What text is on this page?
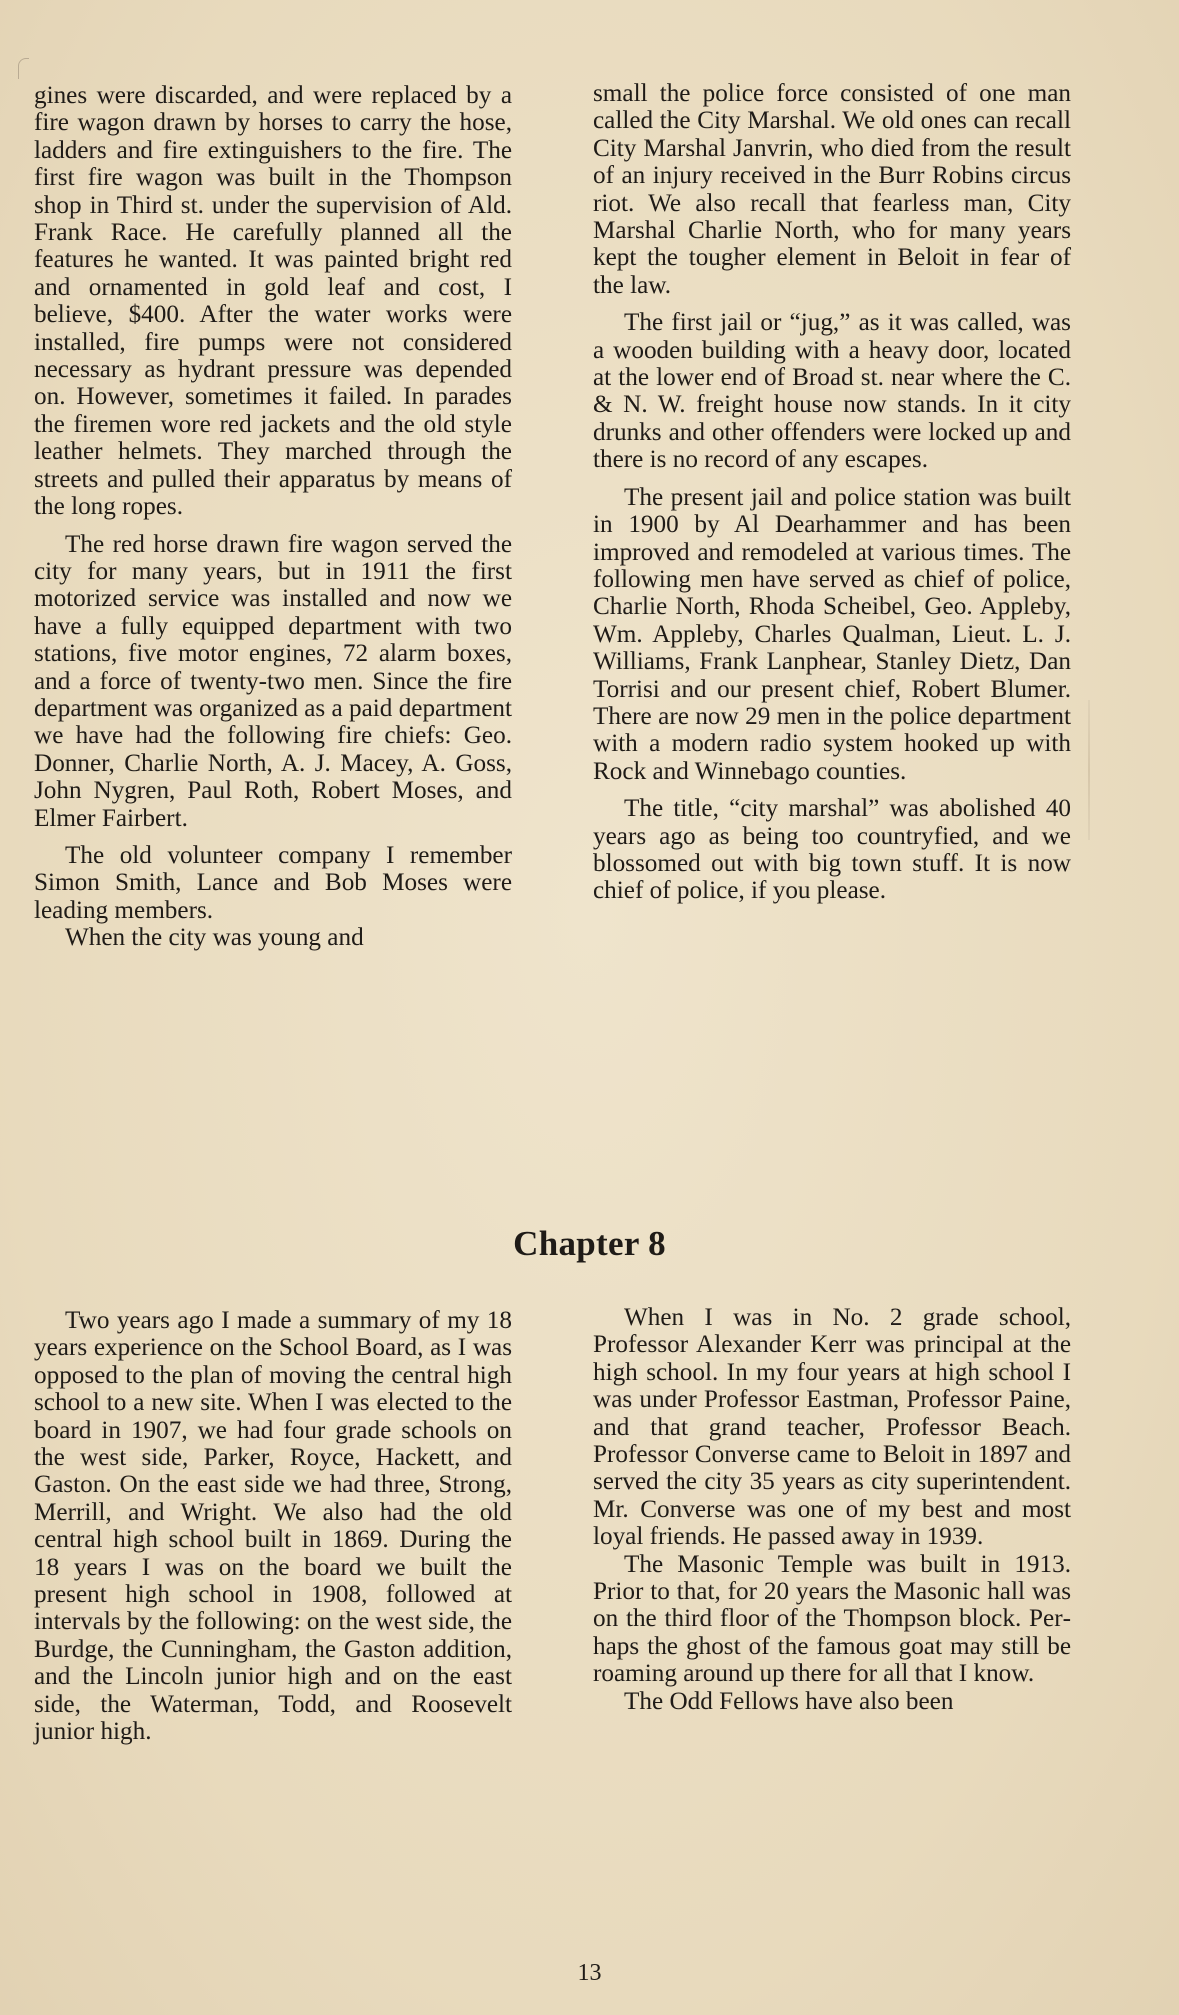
gines were discarded, and were replaced by a fire wagon drawn by horses to carry the hose, ladders and fire extinguishers to the fire. The first fire wagon was built in the Thompson shop in Third st. under the supervision of Ald. Frank Race. He carefully planned all the features he wanted. It was painted bright red and ornamented in gold leaf and cost, I believe, $400. After the water works were installed, fire pumps were not considered necessary as hydrant pressure was depended on. However, sometimes it failed. In parades the firemen wore red jackets and the old style leather helmets. They marched through the streets and pulled their apparatus by means of the long ropes.

The red horse drawn fire wagon served the city for many years, but in 1911 the first motorized service was installed and now we have a fully equipped department with two stations, five motor engines, 72 alarm boxes, and a force of twenty-two men. Since the fire department was organized as a paid department we have had the following fire chiefs: Geo. Donner, Charlie North, A. J. Macey, A. Goss, John Nygren, Paul Roth, Robert Moses, and Elmer Fairbert.

The old volunteer company I remember Simon Smith, Lance and Bob Moses were leading members.

When the city was young and

small the police force consisted of one man called the City Marshal. We old ones can recall City Marshal Janvrin, who died from the result of an injury received in the Burr Robins circus riot. We also recall that fearless man, City Marshal Charlie North, who for many years kept the tougher element in Beloit in fear of the law.

The first jail or “jug,” as it was called, was a wooden building with a heavy door, located at the lower end of Broad st. near where the C. & N. W. freight house now stands. In it city drunks and other offenders were locked up and there is no record of any escapes.

The present jail and police station was built in 1900 by Al Dearhammer and has been improved and remodeled at various times. The following men have served as chief of police, Charlie North, Rhoda Scheibel, Geo. Appleby, Wm. Appleby, Charles Qualman, Lieut. L. J. Williams, Frank Lanphear, Stanley Dietz, Dan Torrisi and our present chief, Robert Blumer. There are now 29 men in the police department with a modern radio system hooked up with Rock and Winnebago counties.

The title, “city marshal” was abolished 40 years ago as being too countryfied, and we blossomed out with big town stuff. It is now chief of police, if you please.

Chapter 8

Two years ago I made a summary of my 18 years experience on the School Board, as I was opposed to the plan of moving the central high school to a new site. When I was elected to the board in 1907, we had four grade schools on the west side, Parker, Royce, Hackett, and Gaston. On the east side we had three, Strong, Merrill, and Wright. We also had the old central high school built in 1869. During the 18 years I was on the board we built the present high school in 1908, followed at intervals by the following: on the west side, the Burdge, the Cunningham, the Gaston addition, and the Lincoln junior high and on the east side, the Waterman, Todd, and Roosevelt junior high.

When I was in No. 2 grade school, Professor Alexander Kerr was principal at the high school. In my four years at high school I was under Professor Eastman, Professor Paine, and that grand teacher, Professor Beach. Professor Converse came to Beloit in 1897 and served the city 35 years as city superintendent. Mr. Converse was one of my best and most loyal friends. He passed away in 1939.

The Masonic Temple was built in 1913. Prior to that, for 20 years the Masonic hall was on the third floor of the Thompson block. Perhaps the ghost of the famous goat may still be roaming around up there for all that I know.

The Odd Fellows have also been

13
